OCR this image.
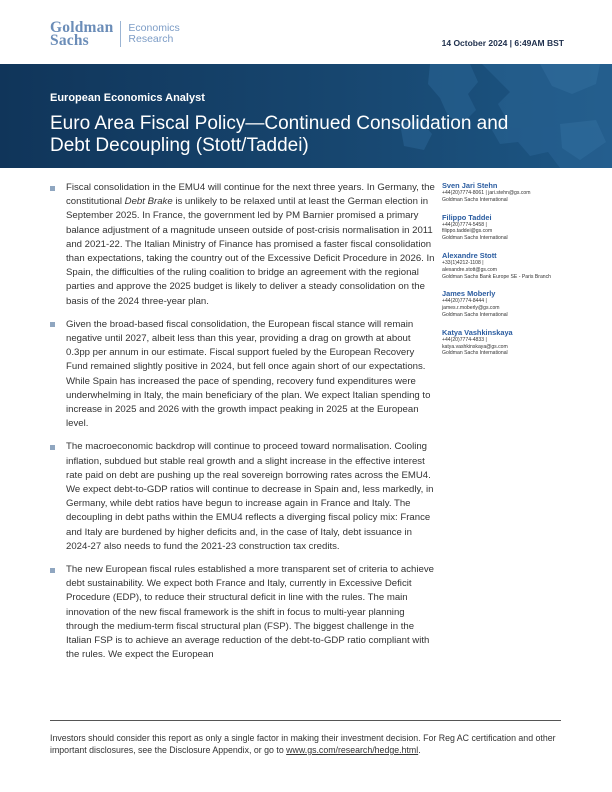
Goldman
Sachs
Economics
Research	14 October 2024 | 6:49AM BST
European Economics Analyst
Euro Area Fiscal Policy—Continued Consolidation and Debt Decoupling (Stott/Taddei)
Fiscal consolidation in the EMU4 will continue for the next three years. In Germany, the constitutional Debt Brake is unlikely to be relaxed until at least the German election in September 2025. In France, the government led by PM Barnier promised a primary balance adjustment of a magnitude unseen outside of post-crisis normalisation in 2011 and 2021-22. The Italian Ministry of Finance has promised a faster fiscal consolidation than expectations, taking the country out of the Excessive Deficit Procedure in 2026. In Spain, the difficulties of the ruling coalition to bridge an agreement with the regional parties and approve the 2025 budget is likely to deliver a steady consolidation on the basis of the 2024 three-year plan.
Given the broad-based fiscal consolidation, the European fiscal stance will remain negative until 2027, albeit less than this year, providing a drag on growth at about 0.3pp per annum in our estimate. Fiscal support fueled by the European Recovery Fund remained slightly positive in 2024, but fell once again short of our expectations. While Spain has increased the pace of spending, recovery fund expenditures were underwhelming in Italy, the main beneficiary of the plan. We expect Italian spending to increase in 2025 and 2026 with the growth impact peaking in 2025 at the European level.
The macroeconomic backdrop will continue to proceed toward normalisation. Cooling inflation, subdued but stable real growth and a slight increase in the effective interest rate paid on debt are pushing up the real sovereign borrowing rates across the EMU4. We expect debt-to-GDP ratios will continue to decrease in Spain and, less markedly, in Germany, while debt ratios have begun to increase again in France and Italy. The decoupling in debt paths within the EMU4 reflects a diverging fiscal policy mix: France and Italy are burdened by higher deficits and, in the case of Italy, debt issuance in 2024-27 also needs to fund the 2021-23 construction tax credits.
The new European fiscal rules established a more transparent set of criteria to achieve debt sustainability. We expect both France and Italy, currently in Excessive Deficit Procedure (EDP), to reduce their structural deficit in line with the rules. The main innovation of the new fiscal framework is the shift in focus to multi-year planning through the medium-term fiscal structural plan (FSP). The biggest challenge in the Italian FSP is to achieve an average reduction of the debt-to-GDP ratio compliant with the rules. We expect the European
Sven Jari Stehn
+44(20)7774-8061 | jari.stehn@gs.com
Goldman Sachs International
Filippo Taddei
+44(20)7774-5458 |
filippo.taddei@gs.com
Goldman Sachs International
Alexandre Stott
+33(1)4212-1108 |
alexandre.stott@gs.com
Goldman Sachs Bank Europe SE - Paris Branch
James Moberly
+44(20)7774-8444 |
james.r.moberly@gs.com
Goldman Sachs International
Katya Vashkinskaya
+44(20)7774-4833 |
katya.vashkinskaya@gs.com
Goldman Sachs International
Investors should consider this report as only a single factor in making their investment decision. For Reg AC certification and other important disclosures, see the Disclosure Appendix, or go to www.gs.com/research/hedge.html.
